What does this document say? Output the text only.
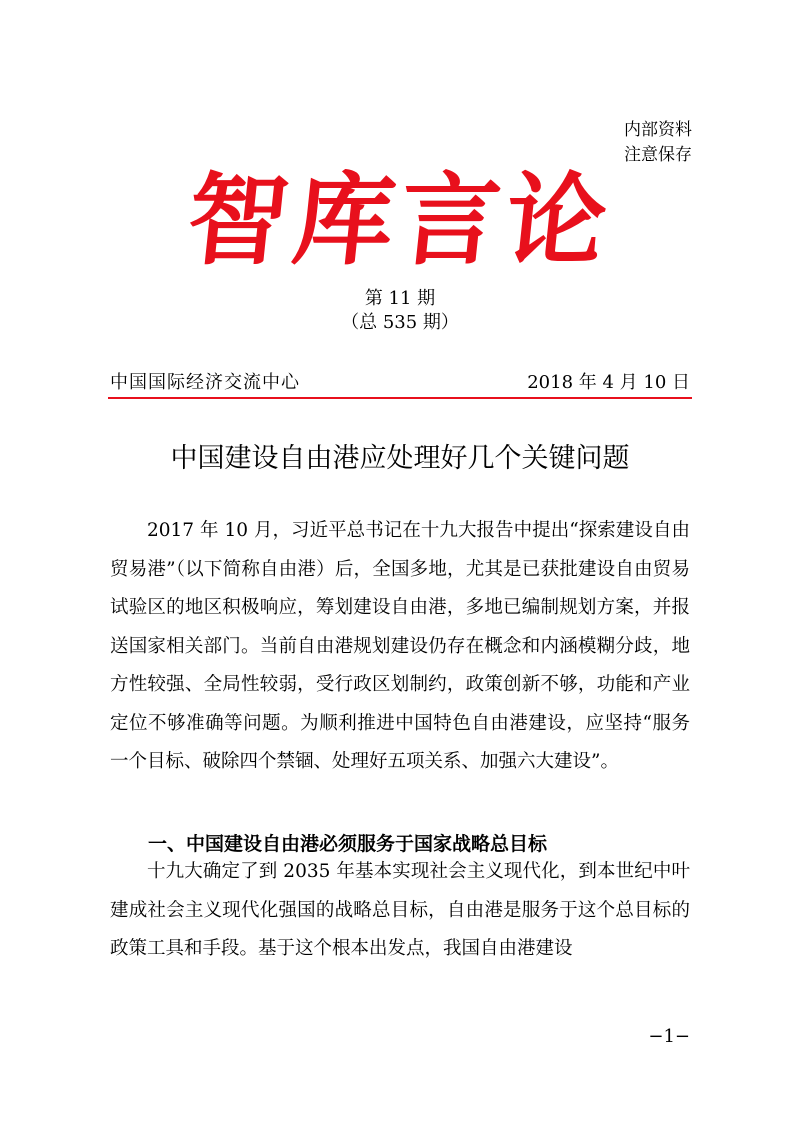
内部资料
注意保存
智库言论
第 11 期
（总 535 期）
中国国际经济交流中心	2018 年 4 月 10 日
中国建设自由港应处理好几个关键问题

2017 年 10 月，习近平总书记在十九大报告中提出“探索建设自由贸易港”（以下简称自由港）后，全国多地，尤其是已获批建设自由贸易试验区的地区积极响应，筹划建设自由港，多地已编制规划方案，并报送国家相关部门。当前自由港规划建设仍存在概念和内涵模糊分歧，地方性较强、全局性较弱，受行政区划制约，政策创新不够，功能和产业定位不够准确等问题。为顺利推进中国特色自由港建设，应坚持“服务一个目标、破除四个禁锢、处理好五项关系、加强六大建设”。

一、中国建设自由港必须服务于国家战略总目标

十九大确定了到 2035 年基本实现社会主义现代化，到本世纪中叶建成社会主义现代化强国的战略总目标，自由港是服务于这个总目标的政策工具和手段。基于这个根本出发点，我国自由港建设

−1−
